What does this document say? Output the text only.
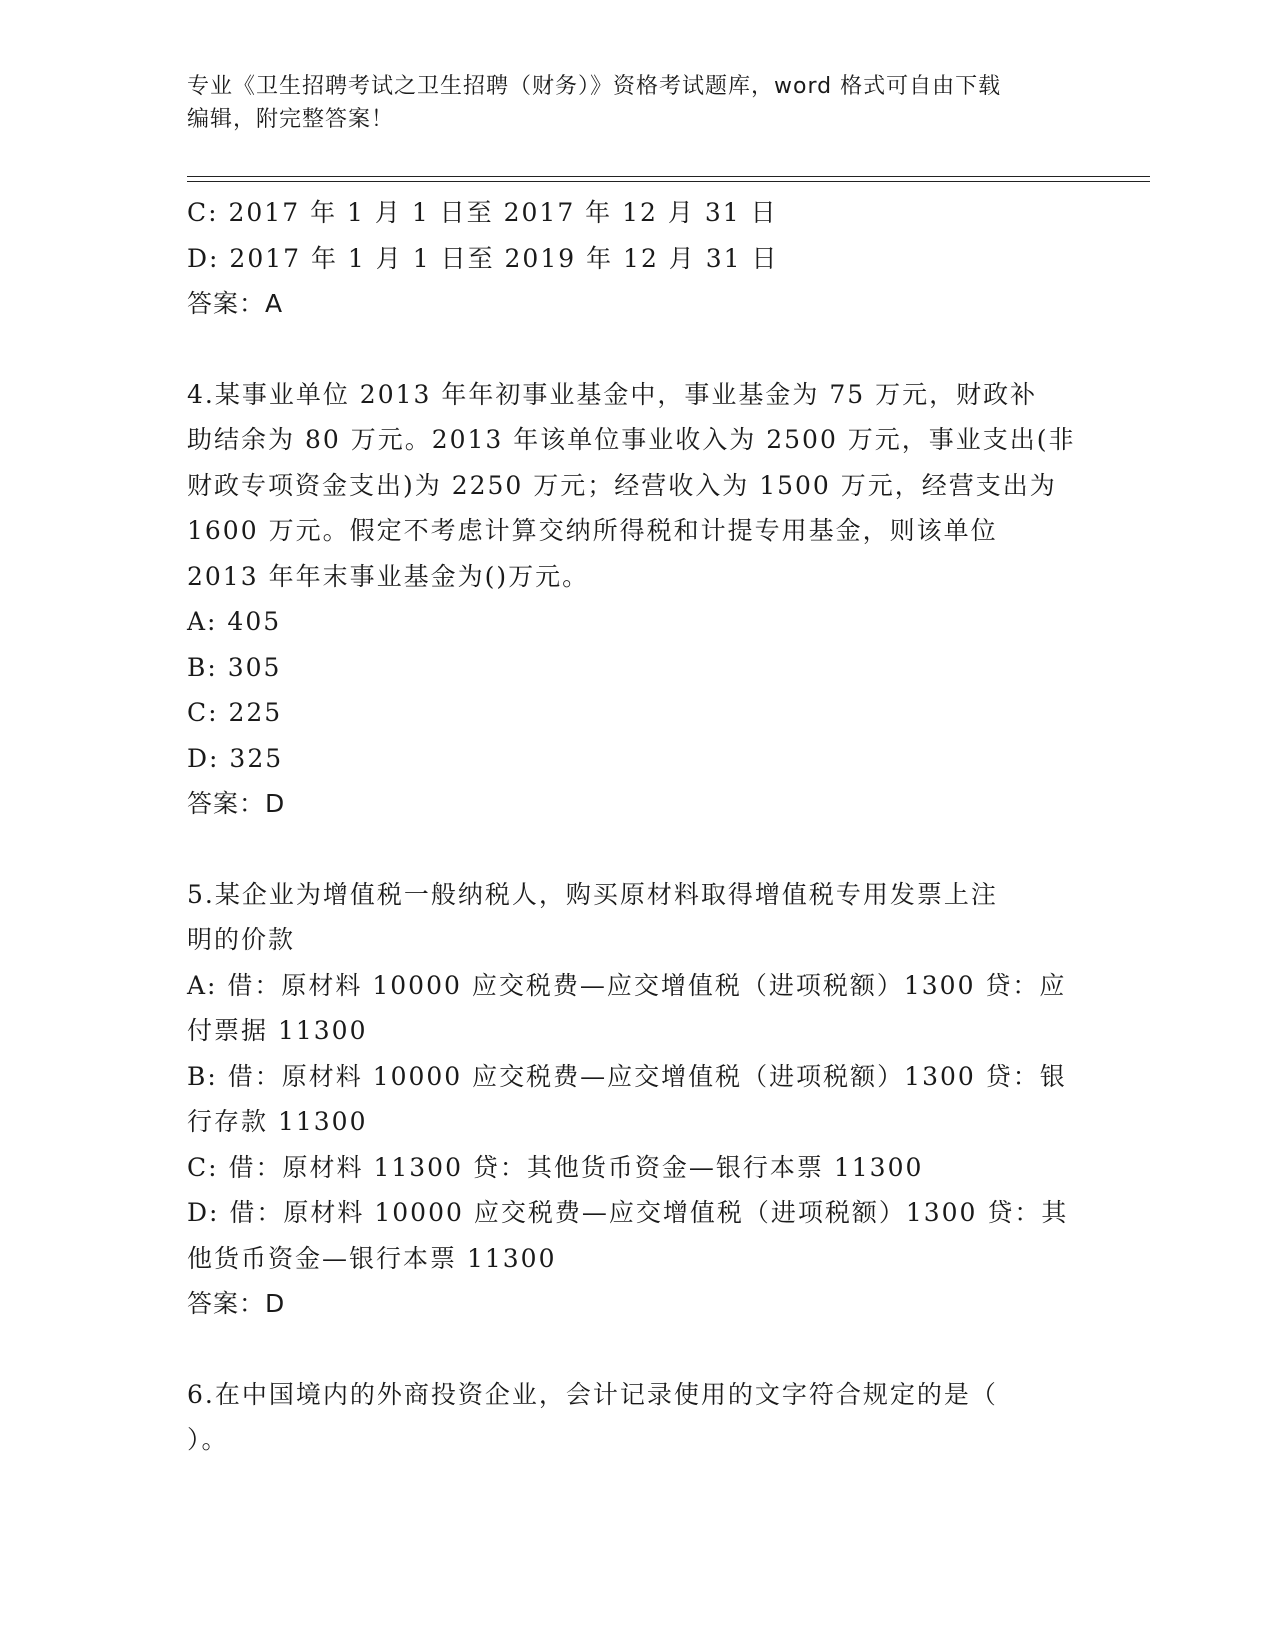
专业《卫生招聘考试之卫生招聘（财务）》资格考试题库，word 格式可自由下载
编辑，附完整答案！
C: 2017 年 1 月 1 日至 2017 年 12 月 31 日
D: 2017 年 1 月 1 日至 2019 年 12 月 31 日
答案：A
4.某事业单位 2013 年年初事业基金中，事业基金为 75 万元，财政补
助结余为 80 万元。2013 年该单位事业收入为 2500 万元，事业支出(非
财政专项资金支出)为 2250 万元；经营收入为 1500 万元，经营支出为
1600 万元。假定不考虑计算交纳所得税和计提专用基金，则该单位
2013 年年末事业基金为()万元。
A: 405
B: 305
C: 225
D: 325
答案：D
5.某企业为增值税一般纳税人，购买原材料取得增值税专用发票上注
明的价款
A: 借：原材料 10000 应交税费—应交增值税（进项税额）1300 贷：应
付票据 11300
B: 借：原材料 10000 应交税费—应交增值税（进项税额）1300 贷：银
行存款 11300
C: 借：原材料 11300 贷：其他货币资金—银行本票 11300
D: 借：原材料 10000 应交税费—应交增值税（进项税额）1300 贷：其
他货币资金—银行本票 11300
答案：D
6.在中国境内的外商投资企业，会计记录使用的文字符合规定的是（
）。
